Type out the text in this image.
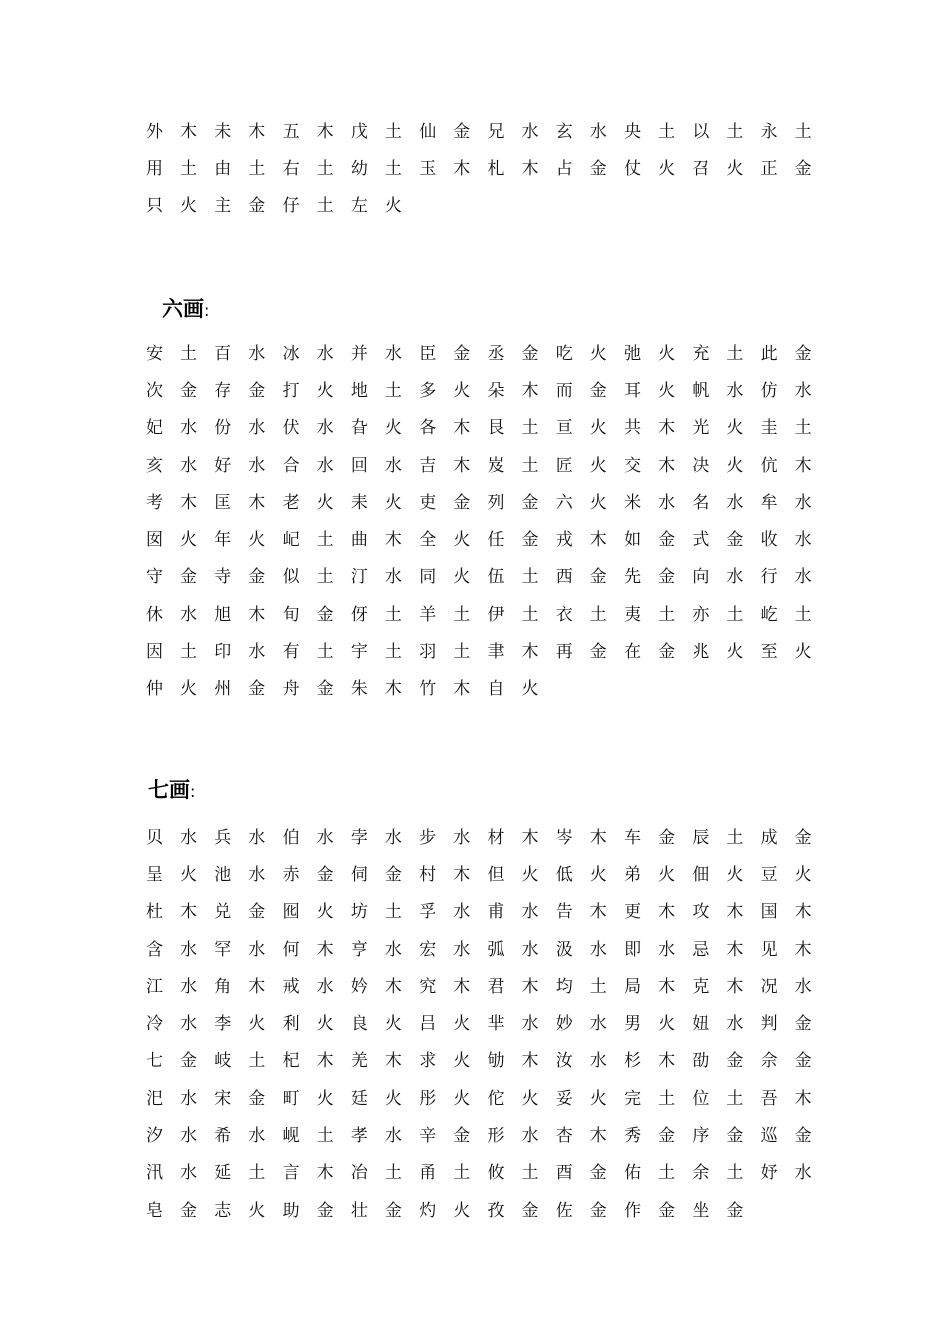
外 木 未 木 五 木 戊 土 仙 金 兄 水 玄 水 央 土 以 土 永 土
用 土 由 土 右 土 幼 土 玉 木 札 木 占 金 仗 火 召 火 正 金
只 火 主 金 仔 土 左 火
六画:
安 土 百 水 冰 水 并 水 臣 金 丞 金 吃 火 弛 火 充 土 此 金
次 金 存 金 打 火 地 土 多 火 朵 木 而 金 耳 火 帆 水 仿 水
妃 水 份 水 伏 水 旮 火 各 木 艮 土 亘 火 共 木 光 火 圭 土
亥 水 好 水 合 水 回 水 吉 木 岌 土 匠 火 交 木 决 火 伉 木
考 木 匡 木 老 火 耒 火 吏 金 列 金 六 火 米 水 名 水 牟 水
囡 火 年 火 屺 土 曲 木 全 火 任 金 戎 木 如 金 式 金 收 水
守 金 寺 金 似 土 汀 水 同 火 伍 土 西 金 先 金 向 水 行 水
休 水 旭 木 旬 金 伢 土 羊 土 伊 土 衣 土 夷 土 亦 土 屹 土
因 土 印 水 有 土 宇 土 羽 土 聿 木 再 金 在 金 兆 火 至 火
仲 火 州 金 舟 金 朱 木 竹 木 自 火
七画:
贝 水 兵 水 伯 水 孛 水 步 水 材 木 岑 木 车 金 辰 土 成 金
呈 火 池 水 赤 金 伺 金 村 木 但 火 低 火 弟 火 佃 火 豆 火
杜 木 兑 金 囮 火 坊 土 孚 水 甫 水 告 木 更 木 攻 木 国 木
含 水 罕 水 何 木 亨 水 宏 水 弧 水 汲 水 即 水 忌 木 见 木
江 水 角 木 戒 水 妗 木 究 木 君 木 均 土 局 木 克 木 况 水
冷 水 李 火 利 火 良 火 吕 火 芈 水 妙 水 男 火 妞 水 判 金
七 金 岐 土 杞 木 羌 木 求 火 劬 木 汝 水 杉 木 劭 金 佘 金
汜 水 宋 金 町 火 廷 火 彤 火 佗 火 妥 火 完 土 位 土 吾 木
汐 水 希 水 岘 土 孝 水 辛 金 形 水 杏 木 秀 金 序 金 巡 金
汛 水 延 土 言 木 冶 土 甬 土 攸 土 酉 金 佑 土 余 土 妤 水
皂 金 志 火 助 金 壮 金 灼 火 孜 金 佐 金 作 金 坐 金
